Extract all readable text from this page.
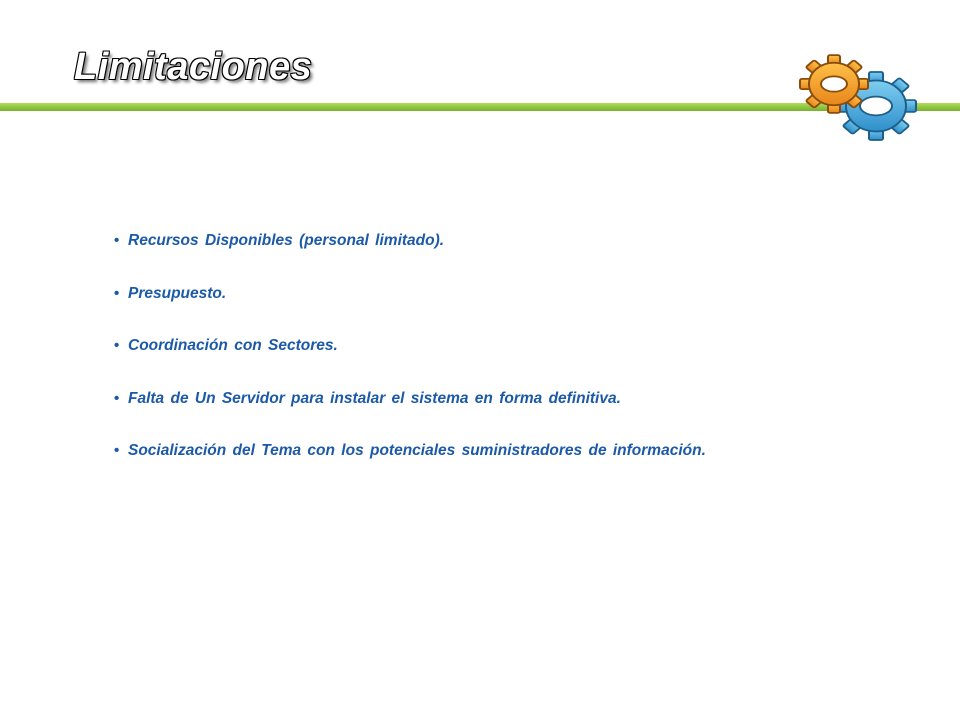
Limitaciones
• Recursos Disponibles (personal limitado).
• Presupuesto.
• Coordinación con Sectores.
• Falta de Un Servidor para instalar el sistema en forma definitiva.
• Socialización del Tema con los potenciales suministradores de información.
